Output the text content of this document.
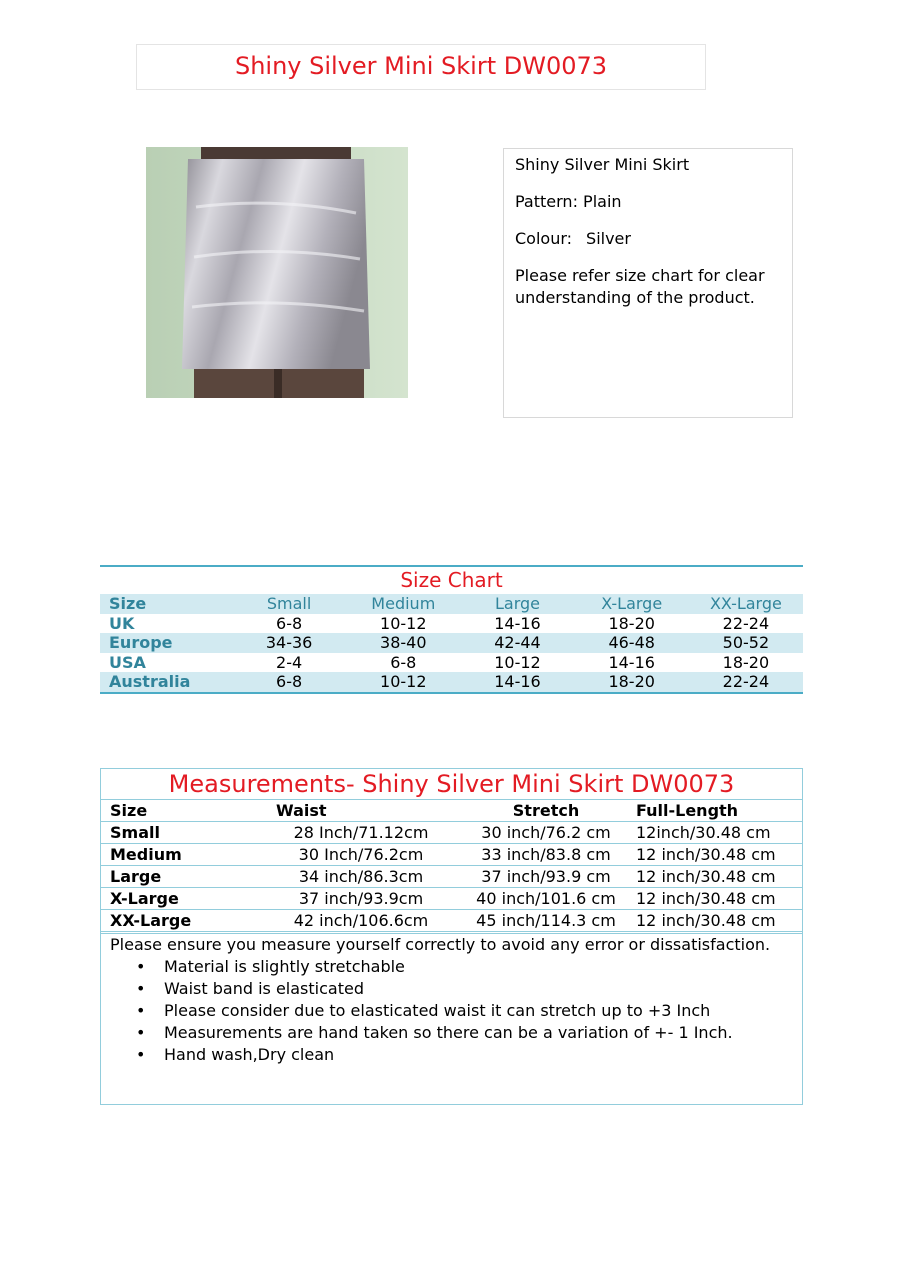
Shiny Silver Mini Skirt DW0073

Shiny Silver Mini Skirt

Pattern: Plain

Colour: Silver

Please refer size chart for clear understanding of the product.

Size Chart
Size	Small	Medium	Large	X-Large	XX-Large
UK	6-8	10-12	14-16	18-20	22-24
Europe	34-36	38-40	42-44	46-48	50-52
USA	2-4	6-8	10-12	14-16	18-20
Australia	6-8	10-12	14-16	18-20	22-24
Measurements- Shiny Silver Mini Skirt DW0073
Size	Waist	Stretch	Full-Length
Small	28 Inch/71.12cm	30 inch/76.2 cm	12inch/30.48 cm
Medium	30 Inch/76.2cm	33 inch/83.8 cm	12 inch/30.48 cm
Large	34 inch/86.3cm	37 inch/93.9 cm	12 inch/30.48 cm
X-Large	37 inch/93.9cm	40 inch/101.6 cm	12 inch/30.48 cm
XX-Large	42 inch/106.6cm	45 inch/114.3 cm	12 inch/30.48 cm
Please ensure you measure yourself correctly to avoid any error or dissatisfaction.
• Material is slightly stretchable
• Waist band is elasticated
• Please consider due to elasticated waist it can stretch up to +3 Inch
• Measurements are hand taken so there can be a variation of +- 1 Inch.
• Hand wash,Dry clean
